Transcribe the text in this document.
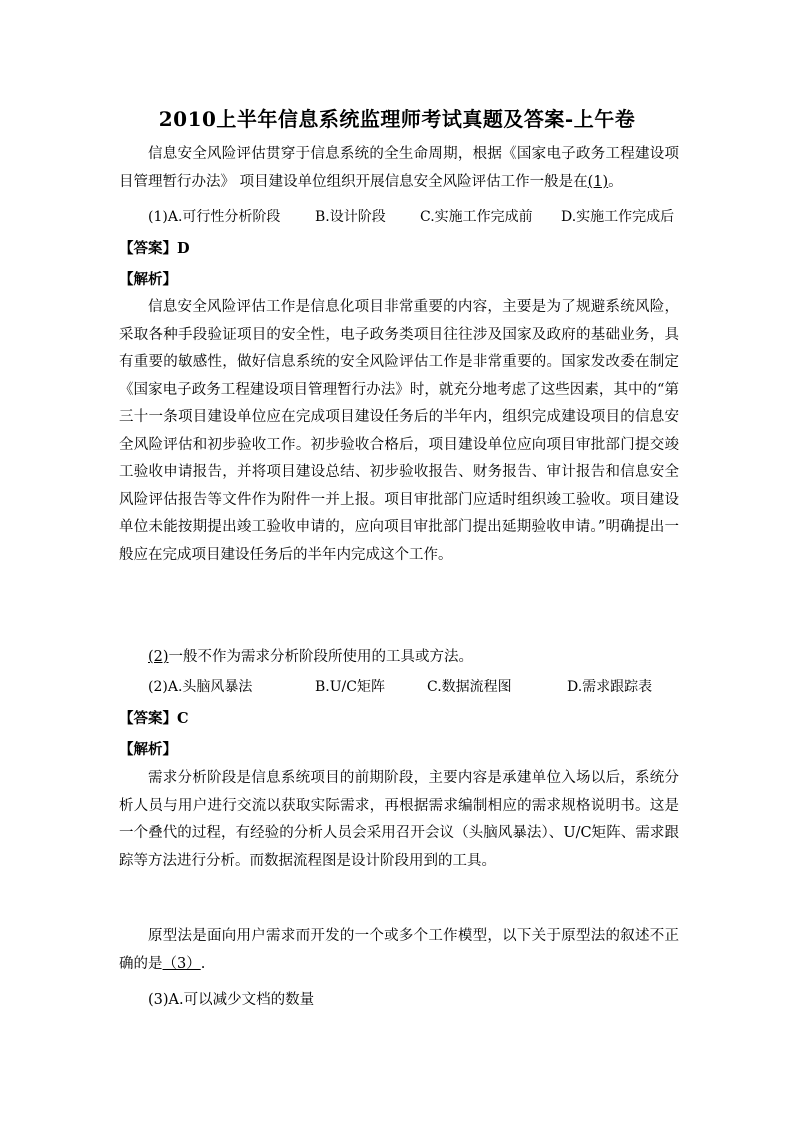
2010上半年信息系统监理师考试真题及答案-上午卷

信息安全风险评估贯穿于信息系统的全生命周期，根据《国家电子政务工程建设项 目管理暂行办法》 项目建设单位组织开展信息安全风险评估工作一般是在(1)。

(1)A.可行性分析阶段 B.设计阶段 C.实施工作完成前 D.实施工作完成后
【答案】D
【解析】

信息安全风险评估工作是信息化项目非常重要的内容，主要是为了规避系统风险，采取各种手段验证项目的安全性，电子政务类项目往往涉及国家及政府的基础业务，具有重要的敏感性，做好信息系统的安全风险评估工作是非常重要的。国家发改委在制定《国家电子政务工程建设项目管理暂行办法》时，就充分地考虑了这些因素，其中的“第三十一条项目建设单位应在完成项目建设任务后的半年内，组织完成建设项目的信息安全风险评估和初步验收工作。初步验收合格后，项目建设单位应向项目审批部门提交竣工验收申请报告，并将项目建设总结、初步验收报告、财务报告、审计报告和信息安全风险评估报告等文件作为附件一并上报。项目审批部门应适时组织竣工验收。项目建设单位未能按期提出竣工验收申请的，应向项目审批部门提出延期验收申请。”明确提出一般应在完成项目建设任务后的半年内完成这个工作。

(2)一般不作为需求分析阶段所使用的工具或方法。
(2)A.头脑风暴法	B.U/C矩阵	C.数据流程图	D.需求跟踪表
【答案】C
【解析】

需求分析阶段是信息系统项目的前期阶段，主要内容是承建单位入场以后，系统分析人员与用户进行交流以获取实际需求，再根据需求编制相应的需求规格说明书。这是一个叠代的过程，有经验的分析人员会采用召开会议（头脑风暴法）、U/C矩阵、需求跟踪等方法进行分析。而数据流程图是设计阶段用到的工具。

原型法是面向用户需求而开发的一个或多个工作模型，以下关于原型法的叙述不正确的是（3）.

(3)A.可以减少文档的数量
